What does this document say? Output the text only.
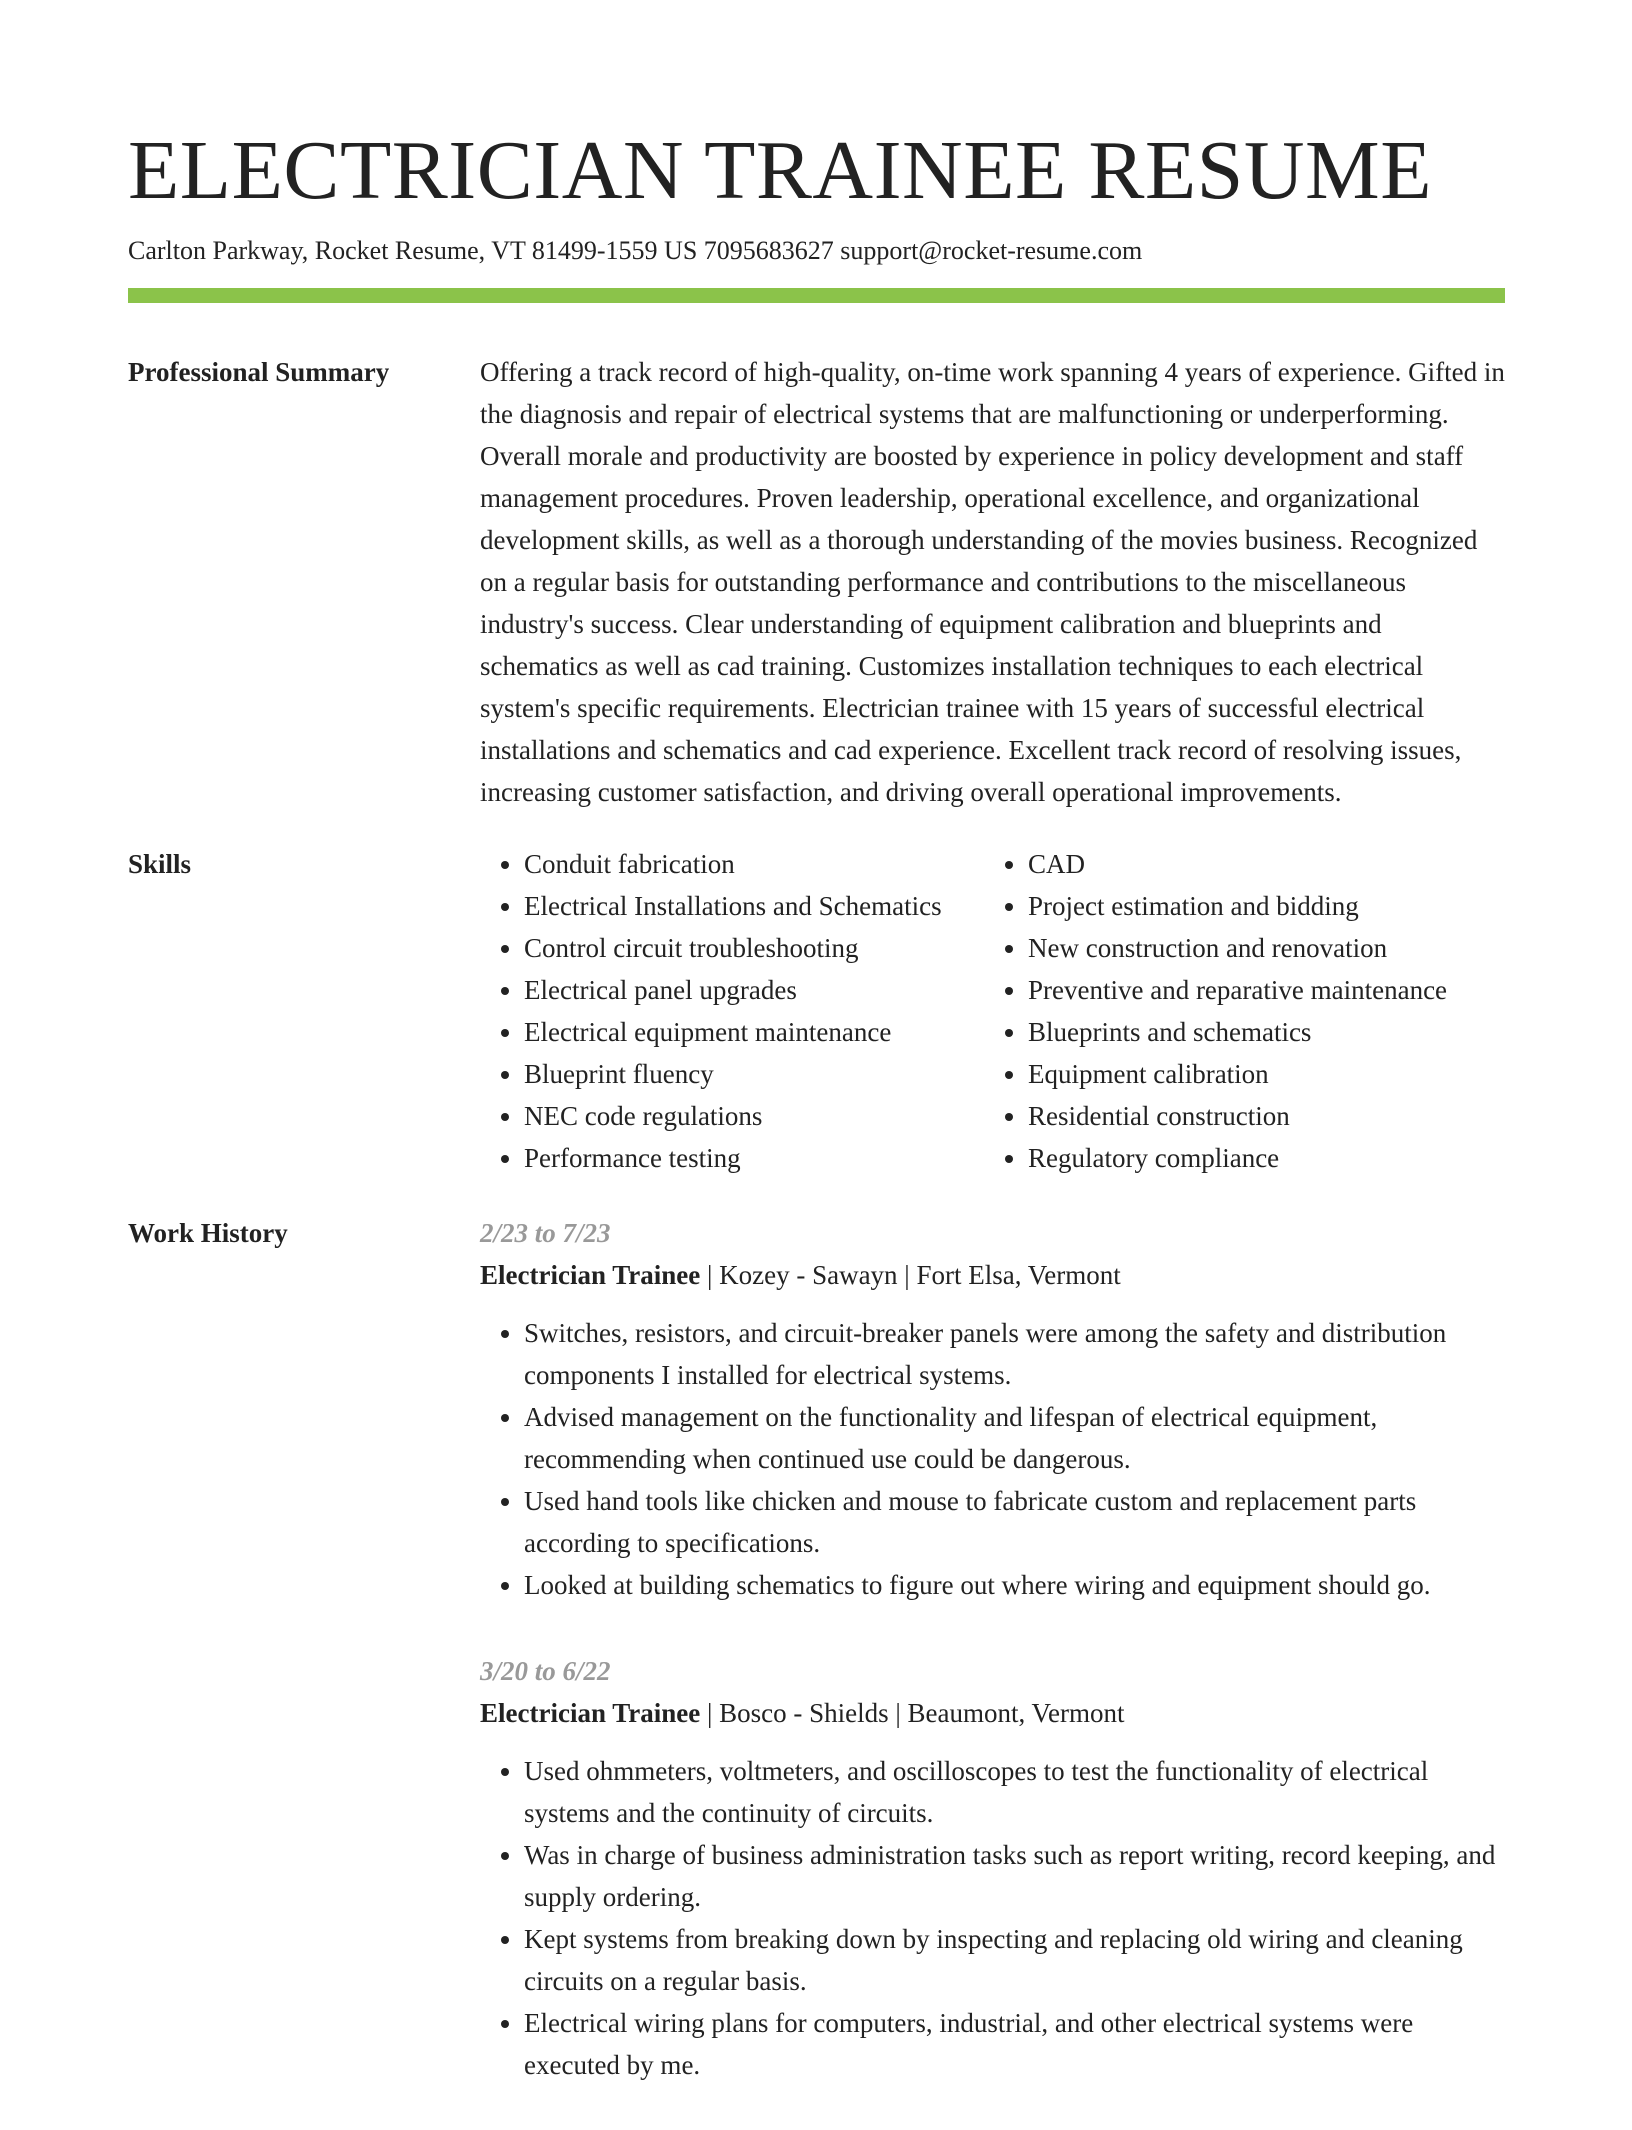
ELECTRICIAN TRAINEE RESUME
Carlton Parkway, Rocket Resume, VT 81499-1559 US 7095683627 support@rocket-resume.com
Professional Summary	Offering a track record of high-quality, on-time work spanning 4 years of experience. Gifted in the diagnosis and repair of electrical systems that are malfunctioning or underperforming. Overall morale and productivity are boosted by experience in policy development and staff management procedures. Proven leadership, operational excellence, and organizational development skills, as well as a thorough understanding of the movies business. Recognized on a regular basis for outstanding performance and contributions to the miscellaneous industry's success. Clear understanding of equipment calibration and blueprints and schematics as well as cad training. Customizes installation techniques to each electrical system's specific requirements. Electrician trainee with 15 years of successful electrical installations and schematics and cad experience. Excellent track record of resolving issues, increasing customer satisfaction, and driving overall operational improvements.

Skills
•	Conduit fabrication
• Electrical Installations and Schematics
• Control circuit troubleshooting
• Electrical panel upgrades
• Electrical equipment maintenance
• Blueprint fluency
• NEC code regulations
• Performance testing
• CAD
• Project estimation and bidding
• New construction and renovation
• Preventive and reparative maintenance
• Blueprints and schematics
• Equipment calibration
• Residential construction
• Regulatory compliance
Work History	2/23 to 7/23
Electrician Trainee | Kozey - Sawayn | Fort Elsa, Vermont
• Switches, resistors, and circuit-breaker panels were among the safety and distribution components I installed for electrical systems.
• Advised management on the functionality and lifespan of electrical equipment, recommending when continued use could be dangerous.
• Used hand tools like chicken and mouse to fabricate custom and replacement parts according to specifications.
• Looked at building schematics to figure out where wiring and equipment should go.
3/20 to 6/22
Electrician Trainee | Bosco - Shields | Beaumont, Vermont
• Used ohmmeters, voltmeters, and oscilloscopes to test the functionality of electrical systems and the continuity of circuits.
• Was in charge of business administration tasks such as report writing, record keeping, and supply ordering.
• Kept systems from breaking down by inspecting and replacing old wiring and cleaning circuits on a regular basis.
• Electrical wiring plans for computers, industrial, and other electrical systems were executed by me.
